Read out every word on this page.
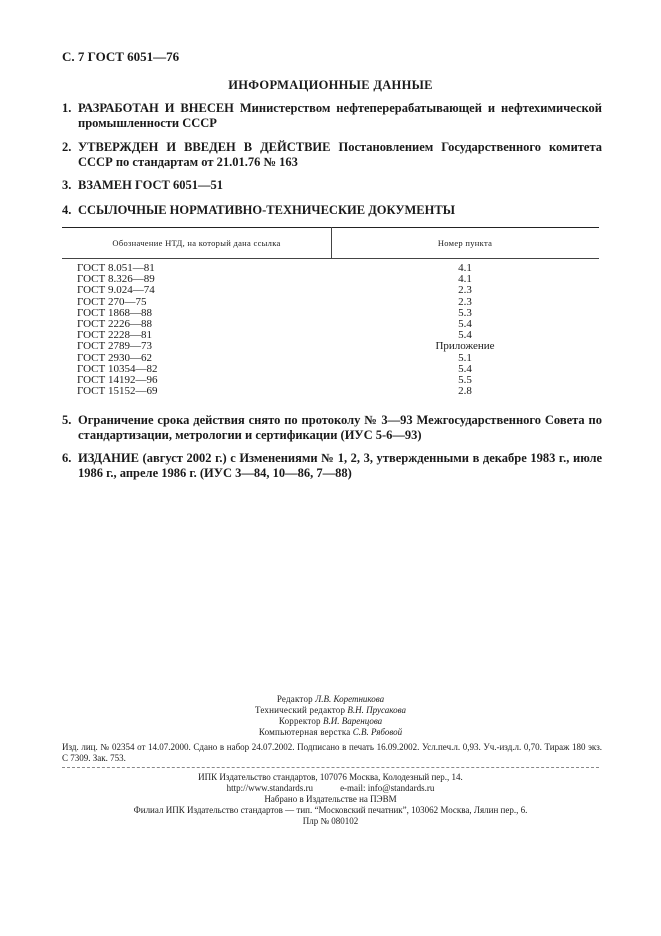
С. 7 ГОСТ 6051—76
ИНФОРМАЦИОННЫЕ ДАННЫЕ
1. РАЗРАБОТАН И ВНЕСЕН Министерством нефтеперерабатывающей и нефтехимической промышленности СССР
2. УТВЕРЖДЕН И ВВЕДЕН В ДЕЙСТВИЕ Постановлением Государственного комитета СССР по стандартам от 21.01.76 № 163
3. ВЗАМЕН ГОСТ 6051—51
4. ССЫЛОЧНЫЕ НОРМАТИВНО-ТЕХНИЧЕСКИЕ ДОКУМЕНТЫ
Обозначение НТД, на который дана ссылка	Номер пункта
ГОСТ 8.051—81
ГОСТ 8.326—89
ГОСТ 9.024—74
ГОСТ 270—75
ГОСТ 1868—88
ГОСТ 2226—88
ГОСТ 2228—81
ГОСТ 2789—73
ГОСТ 2930—62
ГОСТ 10354—82
ГОСТ 14192—96
ГОСТ 15152—69
4.1
4.1
2.3
2.3
5.3
5.4
5.4
Приложение
5.1
5.4
5.5
2.8
5. Ограничение срока действия снято по протоколу № 3—93 Межгосударственного Совета по стандартизации, метрологии и сертификации (ИУС 5-6—93)
6. ИЗДАНИЕ (август 2002 г.) с Изменениями № 1, 2, 3, утвержденными в декабре 1983 г., июле 1986 г., апреле 1986 г. (ИУС 3—84, 10—86, 7—88)
Редактор Л.В. Коретникова
Технический редактор В.Н. Прусакова
Корректор В.И. Варенцова
Компьютерная верстка С.В. Рябовой
Изд. лиц. № 02354 от 14.07.2000. Сдано в набор 24.07.2002. Подписано в печать 16.09.2002. Усл.печ.л. 0,93. Уч.-изд.л. 0,70. Тираж 180 экз. С 7309. Зак. 753.
ИПК Издательство стандартов, 107076 Москва, Колодезный пер., 14.
http://www.standards.ru	e-mail: info@standards.ru
Набрано в Издательстве на ПЭВМ
Филиал ИПК Издательство стандартов — тип. “Московский печатник”, 103062 Москва, Лялин пер., 6.
Плр № 080102
